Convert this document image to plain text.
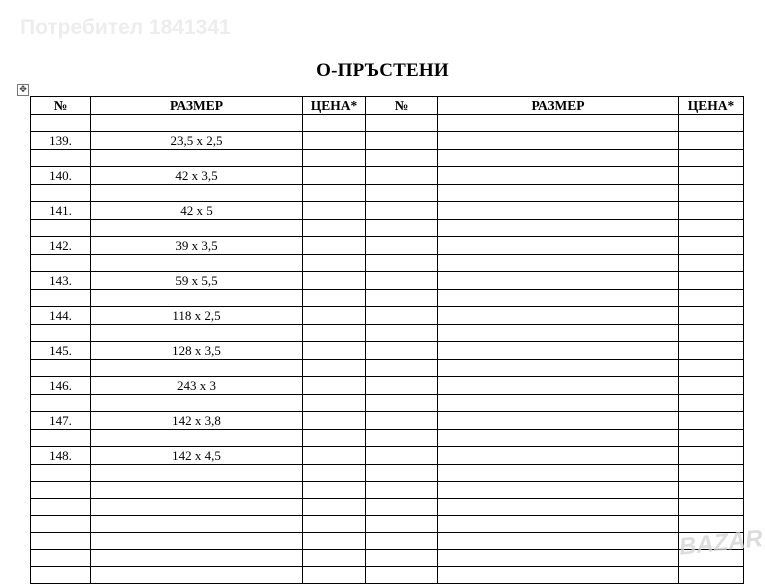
Потребител 1841341
О-ПРЪСТЕНИ
✥
№	РАЗМЕР	ЦЕНА*	№	РАЗМЕР	ЦЕНА*

139.	23,5 х 2,5				

140.	42 х 3,5				

141.	42 х 5				

142.	39 х 3,5				

143.	59 х 5,5				

144.	118 х 2,5				

145.	128 х 3,5				

146.	243 х 3				

147.	142 х 3,8				

148.	142 х 4,5				

BAZAR
